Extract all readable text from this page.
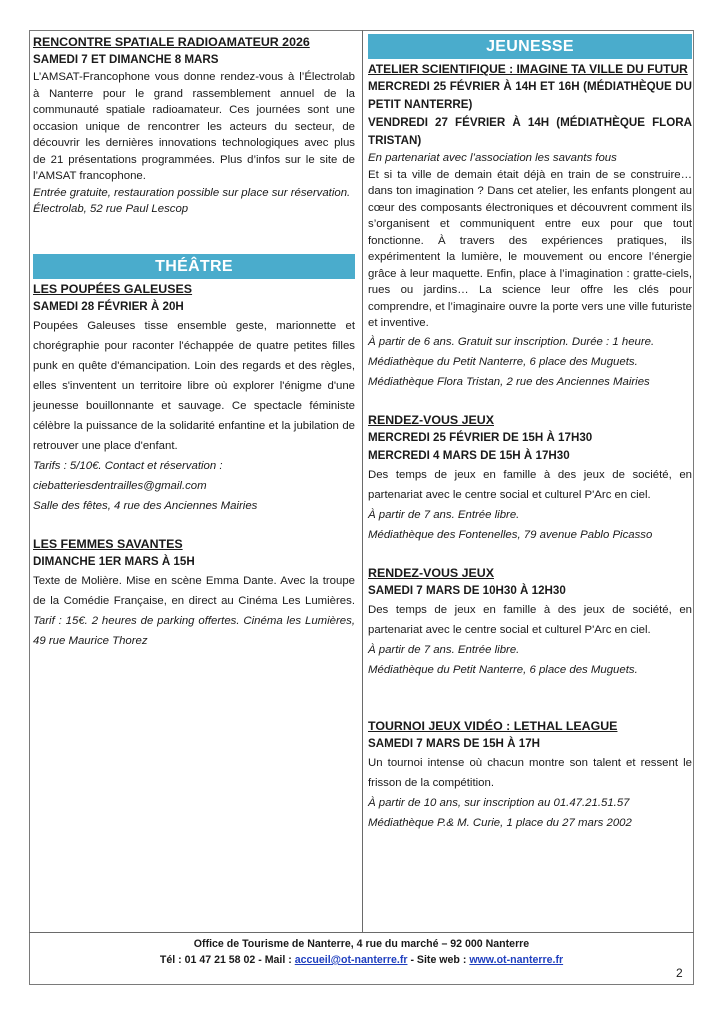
RENCONTRE SPATIALE RADIOAMATEUR 2026
SAMEDI 7 ET DIMANCHE 8 MARS

L’AMSAT-Francophone vous donne rendez-vous à l’Électrolab à Nanterre pour le grand rassemblement annuel de la communauté spatiale radioamateur. Ces journées sont une occasion unique de rencontrer les acteurs du secteur, de découvrir les dernières innovations technologiques avec plus de 21 présentations programmées. Plus d’infos sur le site de l’AMSAT francophone.

Entrée gratuite, restauration possible sur place sur réservation.

Électrolab, 52 rue Paul Lescop

THÉÂTRE
LES POUPÉES GALEUSES
SAMEDI 28 FÉVRIER À 20H

Poupées Galeuses tisse ensemble geste, marionnette et chorégraphie pour raconter l'échappée de quatre petites filles punk en quête d'émancipation. Loin des regards et des règles, elles s'inventent un territoire libre où explorer l'énigme d'une jeunesse bouillonnante et sauvage. Ce spectacle féministe célèbre la puissance de la solidarité enfantine et la jubilation de retrouver une place d'enfant.

Tarifs : 5/10€. Contact et réservation :

ciebatteriesdentrailles@gmail.com

Salle des fêtes, 4 rue des Anciennes Mairies

LES FEMMES SAVANTES
DIMANCHE 1ER MARS À 15H

Texte de Molière. Mise en scène Emma Dante. Avec la troupe de la Comédie Française, en direct au Cinéma Les Lumières. Tarif : 15€. 2 heures de parking offertes. Cinéma les Lumières, 49 rue Maurice Thorez

JEUNESSE
ATELIER SCIENTIFIQUE : IMAGINE TA VILLE DU FUTUR
MERCREDI 25 FÉVRIER À 14H ET 16H (MÉDIATHÈQUE DU PETIT NANTERRE)
VENDREDI 27 FÉVRIER À 14H (MÉDIATHÈQUE FLORA TRISTAN)

En partenariat avec l’association les savants fous

Et si ta ville de demain était déjà en train de se construire… dans ton imagination ? Dans cet atelier, les enfants plongent au cœur des composants électroniques et découvrent comment ils s’organisent et communiquent entre eux pour que tout fonctionne. À travers des expériences pratiques, ils expérimentent la lumière, le mouvement ou encore l’énergie grâce à leur maquette. Enfin, place à l’imagination : gratte-ciels, rues ou jardins… La science leur offre les clés pour comprendre, et l’imaginaire ouvre la porte vers une ville futuriste et inventive.

À partir de 6 ans. Gratuit sur inscription. Durée : 1 heure.

Médiathèque du Petit Nanterre, 6 place des Muguets.

Médiathèque Flora Tristan, 2 rue des Anciennes Mairies

RENDEZ-VOUS JEUX
MERCREDI 25 FÉVRIER DE 15H À 17H30
MERCREDI 4 MARS DE 15H À 17H30

Des temps de jeux en famille à des jeux de société, en partenariat avec le centre social et culturel P'Arc en ciel.

À partir de 7 ans. Entrée libre.

Médiathèque des Fontenelles, 79 avenue Pablo Picasso

RENDEZ-VOUS JEUX
SAMEDI 7 MARS DE 10H30 À 12H30

Des temps de jeux en famille à des jeux de société, en partenariat avec le centre social et culturel P'Arc en ciel.

À partir de 7 ans. Entrée libre.

Médiathèque du Petit Nanterre, 6 place des Muguets.

TOURNOI JEUX VIDÉO : LETHAL LEAGUE
SAMEDI 7 MARS DE 15H À 17H

Un tournoi intense où chacun montre son talent et ressent le frisson de la compétition.

À partir de 10 ans, sur inscription au 01.47.21.51.57

Médiathèque P.& M. Curie, 1 place du 27 mars 2002

Office de Tourisme de Nanterre, 4 rue du marché – 92 000 Nanterre
Tél : 01 47 21 58 02 - Mail : accueil@ot-nanterre.fr - Site web : www.ot-nanterre.fr
2
